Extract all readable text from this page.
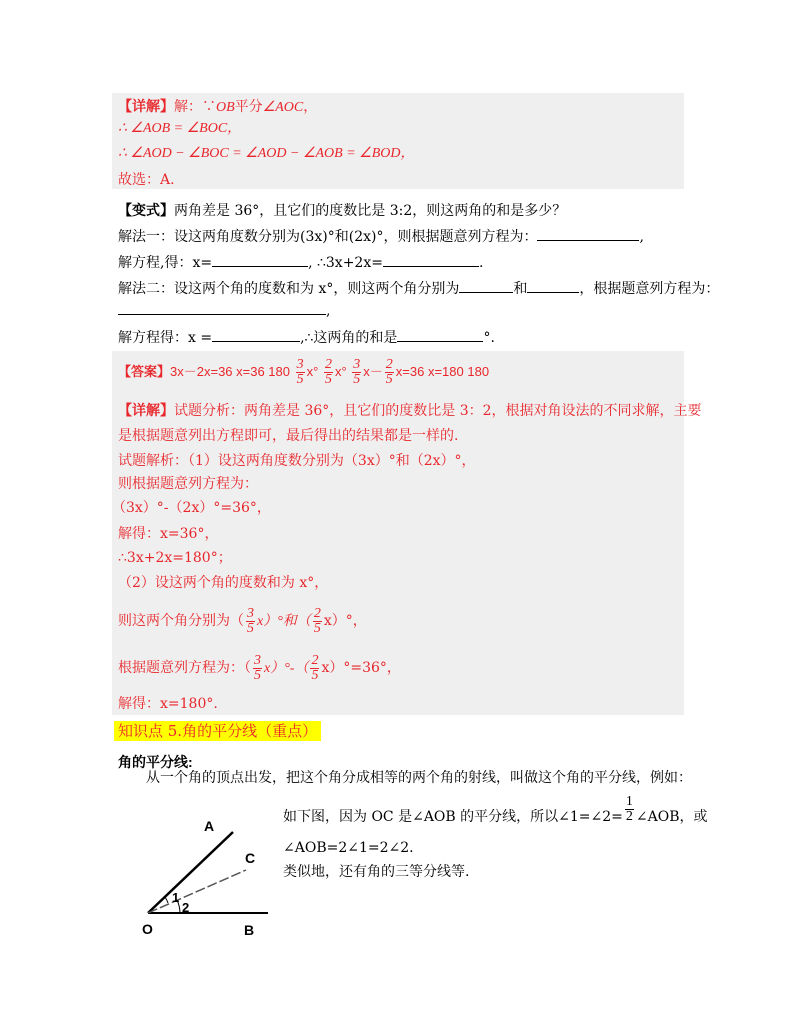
【详解】解：∵OB平分∠AOC，
∴ ∠AOB = ∠BOC，
∴ ∠AOD − ∠BOC = ∠AOD − ∠AOB = ∠BOD，
故选：A.
【变式】两角差是 36°，且它们的度数比是 3:2，则这两角的和是多少？
解法一：设这两角度数分别为(3x)°和(2x)°，则根据题意列方程为：	,
解方程,得：x=	, ∴3x+2x=	.
解法二：设这两个角的度数和为 x°，则这两个角分别为	和	，根据题意列方程为：
,
解方程得：x =	,∴这两角的和是	°.
【答案】3x－2x=36 x=36 $180 \frac{3}{5} x^\circ \frac{2}{5} x^\circ \frac{3}{5} x- \frac{2}{5} x=36$ x=180 180
【详解】试题分析：两角差是 36°，且它们的度数比是 3：2，根据对角设法的不同求解，主要
是根据题意列出方程即可，最后得出的结果都是一样的.
试题解析：（1）设这两角度数分别为（3x）°和（2x）°，
则根据题意列方程为：
（3x）°-（2x）°=36°，
解得：x=36°，
∴3x+2x=180°；
（2）设这两个角的度数和为 x°，
则这两个角分别为（ $\frac{3}{5} x)^\circ$和（ $\frac{2}{5} x)^\circ$，
根据题意列方程为：（ $\frac{3}{5} x)^\circ-( \frac{2}{5} x)^\circ=36^\circ$，
解得：x=180°.
知识点 5.角的平分线（重点）
角的平分线:
从一个角的顶点出发，把这个角分成相等的两个角的射线，叫做这个角的平分线，例如：
如下图，因为 OC 是∠AOB 的平分线，所以∠1=∠2= $\frac{1}{2}$ ∠AOB，或
∠AOB=2∠1=2∠2.
类似地，还有角的三等分线等.
A
C
O	B
1
2
